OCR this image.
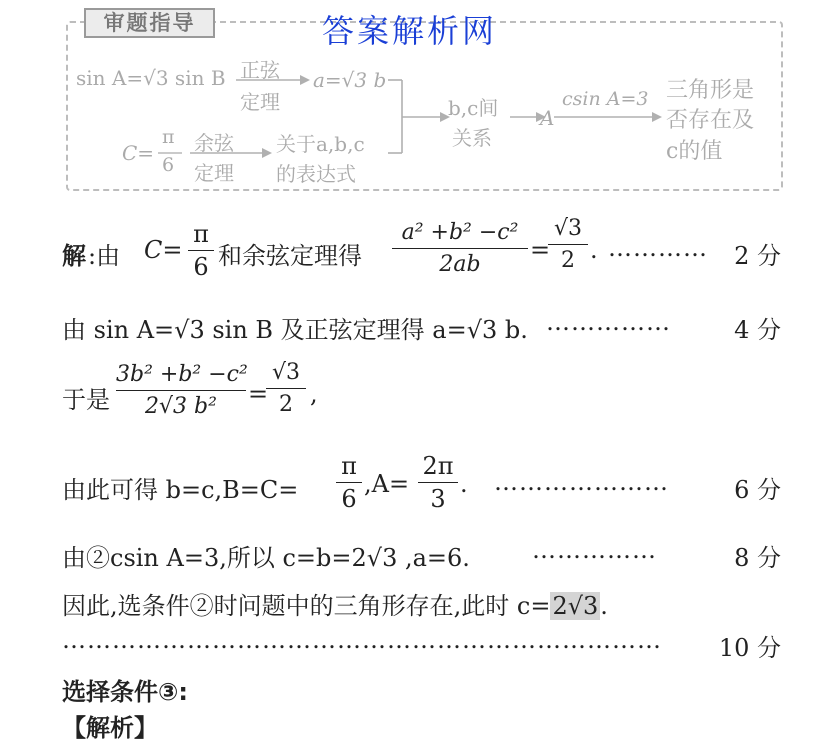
审题指导	答案解析网
sin A=√3 sin B 正弦
定理
a=√3 b
C=
π
6
余弦
定理
关于a,b,c
的表达式
b,c间
关系
A
csin A=3 三角形是
否存在及
c的值
解 :由 C=
π
6 和余弦定理得
a² +b² −c²
2ab
=
√3
2 . ………… 2 分
由 sin A=√3 sin B 及正弦定理得 a=√3 b. ……………	4 分
于是
3b² +b² −c²
2√3 b²	=
√3
2 ,
由此可得 b=c,B=C=
π
6
,A=
2π
3
. …………………	6 分
由②csin A=3,所以 c=b=2√3 ,a=6.	……………	8 分
因此,选条件②时问题中的三角形存在,此时 c=2√3.
………………………………………………………………	10 分
选择条件③:
【解析】
